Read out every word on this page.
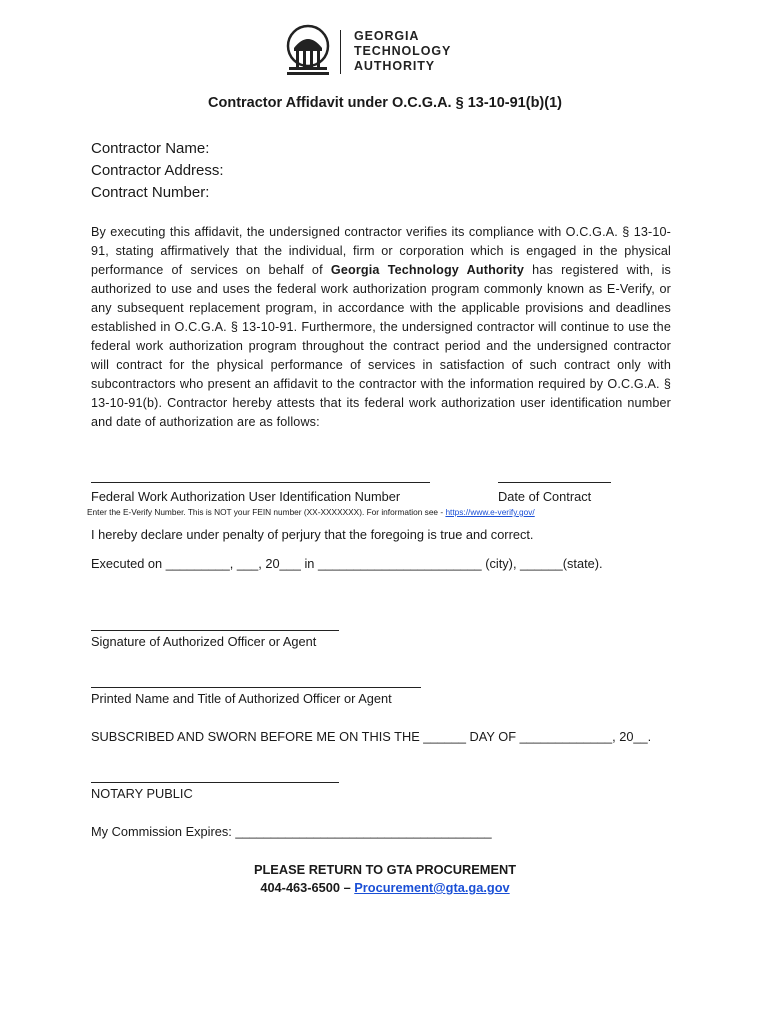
GEORGIA
TECHNOLOGY
AUTHORITY
Contractor Affidavit under O.C.G.A. § 13-10-91(b)(1)
Contractor Name:
Contractor Address:
Contract Number:
By executing this affidavit, the undersigned contractor verifies its compliance with O.C.G.A. § 13-10-91, stating affirmatively that the individual, firm or corporation which is engaged in the physical performance of services on behalf of Georgia Technology Authority has registered with, is authorized to use and uses the federal work authorization program commonly known as E-Verify, or any subsequent replacement program, in accordance with the applicable provisions and deadlines established in O.C.G.A. § 13-10-91. Furthermore, the undersigned contractor will continue to use the federal work authorization program throughout the contract period and the undersigned contractor will contract for the physical performance of services in satisfaction of such contract only with subcontractors who present an affidavit to the contractor with the information required by O.C.G.A. § 13-10-91(b). Contractor hereby attests that its federal work authorization user identification number and date of authorization are as follows:
Federal Work Authorization User Identification Number	Date of Contract
Enter the E-Verify Number. This is NOT your FEIN number (XX-XXXXXXX). For information see - https://www.e-verify.gov/
I hereby declare under penalty of perjury that the foregoing is true and correct.
Executed on _________, ___, 20___ in _______________________ (city), ______(state).
Signature of Authorized Officer or Agent
Printed Name and Title of Authorized Officer or Agent
SUBSCRIBED AND SWORN BEFORE ME ON THIS THE ______ DAY OF _____________, 20__.
NOTARY PUBLIC
My Commission Expires: ____________________________________
PLEASE RETURN TO GTA PROCUREMENT
404-463-6500 – Procurement@gta.ga.gov
